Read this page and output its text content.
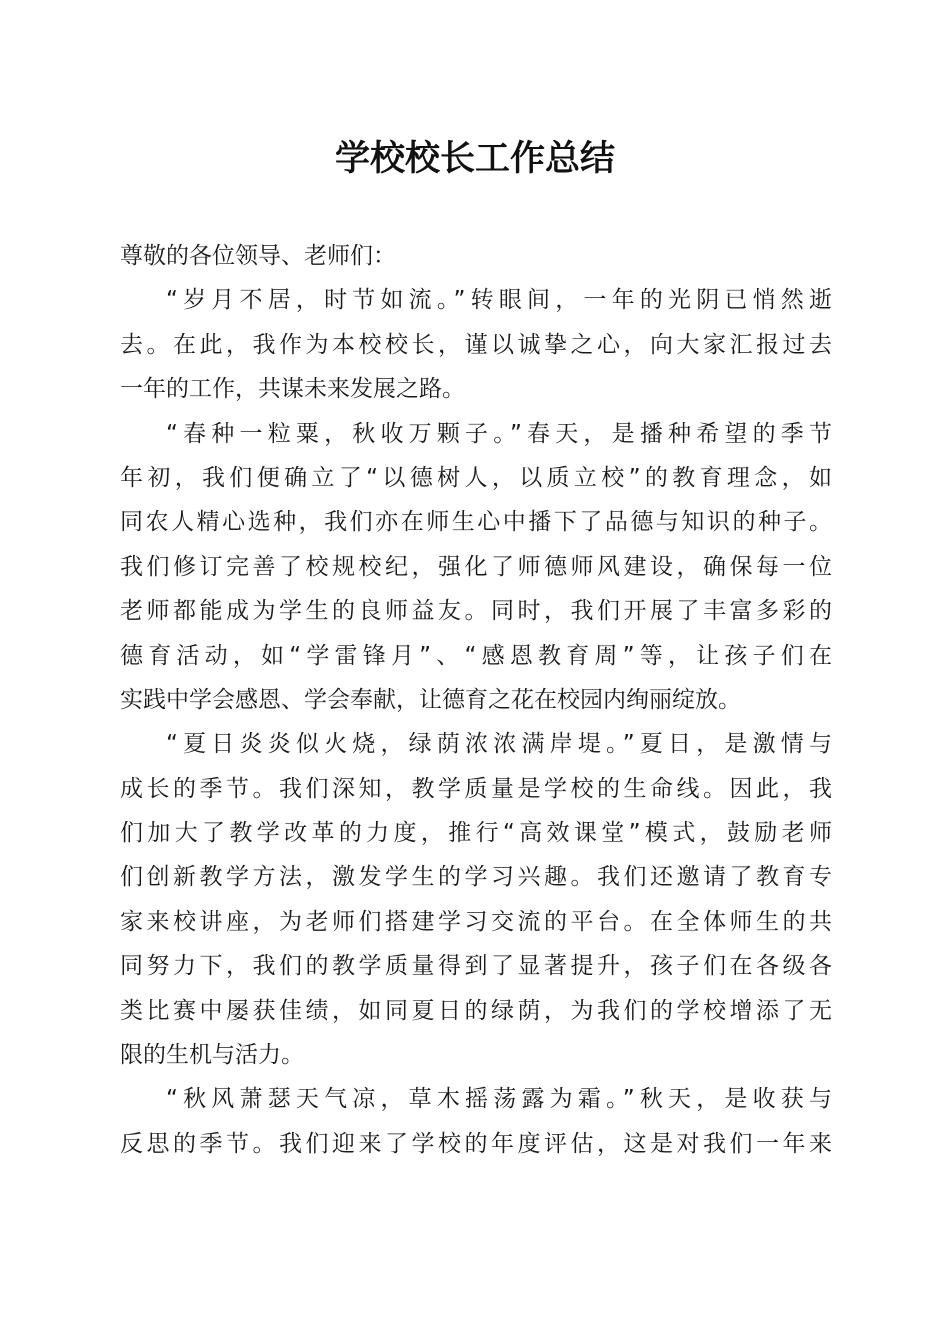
学校校长工作总结
尊敬的各位领导、老师们：
“岁月不居，时节如流。”转眼间，一年的光阴已悄然逝
去。在此，我作为本校校长，谨以诚挚之心，向大家汇报过去
一年的工作，共谋未来发展之路。
“春种一粒粟，秋收万颗子。”春天，是播种希望的季节
年初，我们便确立了“以德树人，以质立校”的教育理念，如
同农人精心选种，我们亦在师生心中播下了品德与知识的种子。
我们修订完善了校规校纪，强化了师德师风建设，确保每一位
老师都能成为学生的良师益友。同时，我们开展了丰富多彩的
德育活动，如“学雷锋月”、“感恩教育周”等，让孩子们在
实践中学会感恩、学会奉献，让德育之花在校园内绚丽绽放。
“夏日炎炎似火烧，绿荫浓浓满岸堤。”夏日，是激情与
成长的季节。我们深知，教学质量是学校的生命线。因此，我
们加大了教学改革的力度，推行“高效课堂”模式，鼓励老师
们创新教学方法，激发学生的学习兴趣。我们还邀请了教育专
家来校讲座，为老师们搭建学习交流的平台。在全体师生的共
同努力下，我们的教学质量得到了显著提升，孩子们在各级各
类比赛中屡获佳绩，如同夏日的绿荫，为我们的学校增添了无
限的生机与活力。
“秋风萧瑟天气凉，草木摇荡露为霜。”秋天，是收获与
反思的季节。我们迎来了学校的年度评估，这是对我们一年来
